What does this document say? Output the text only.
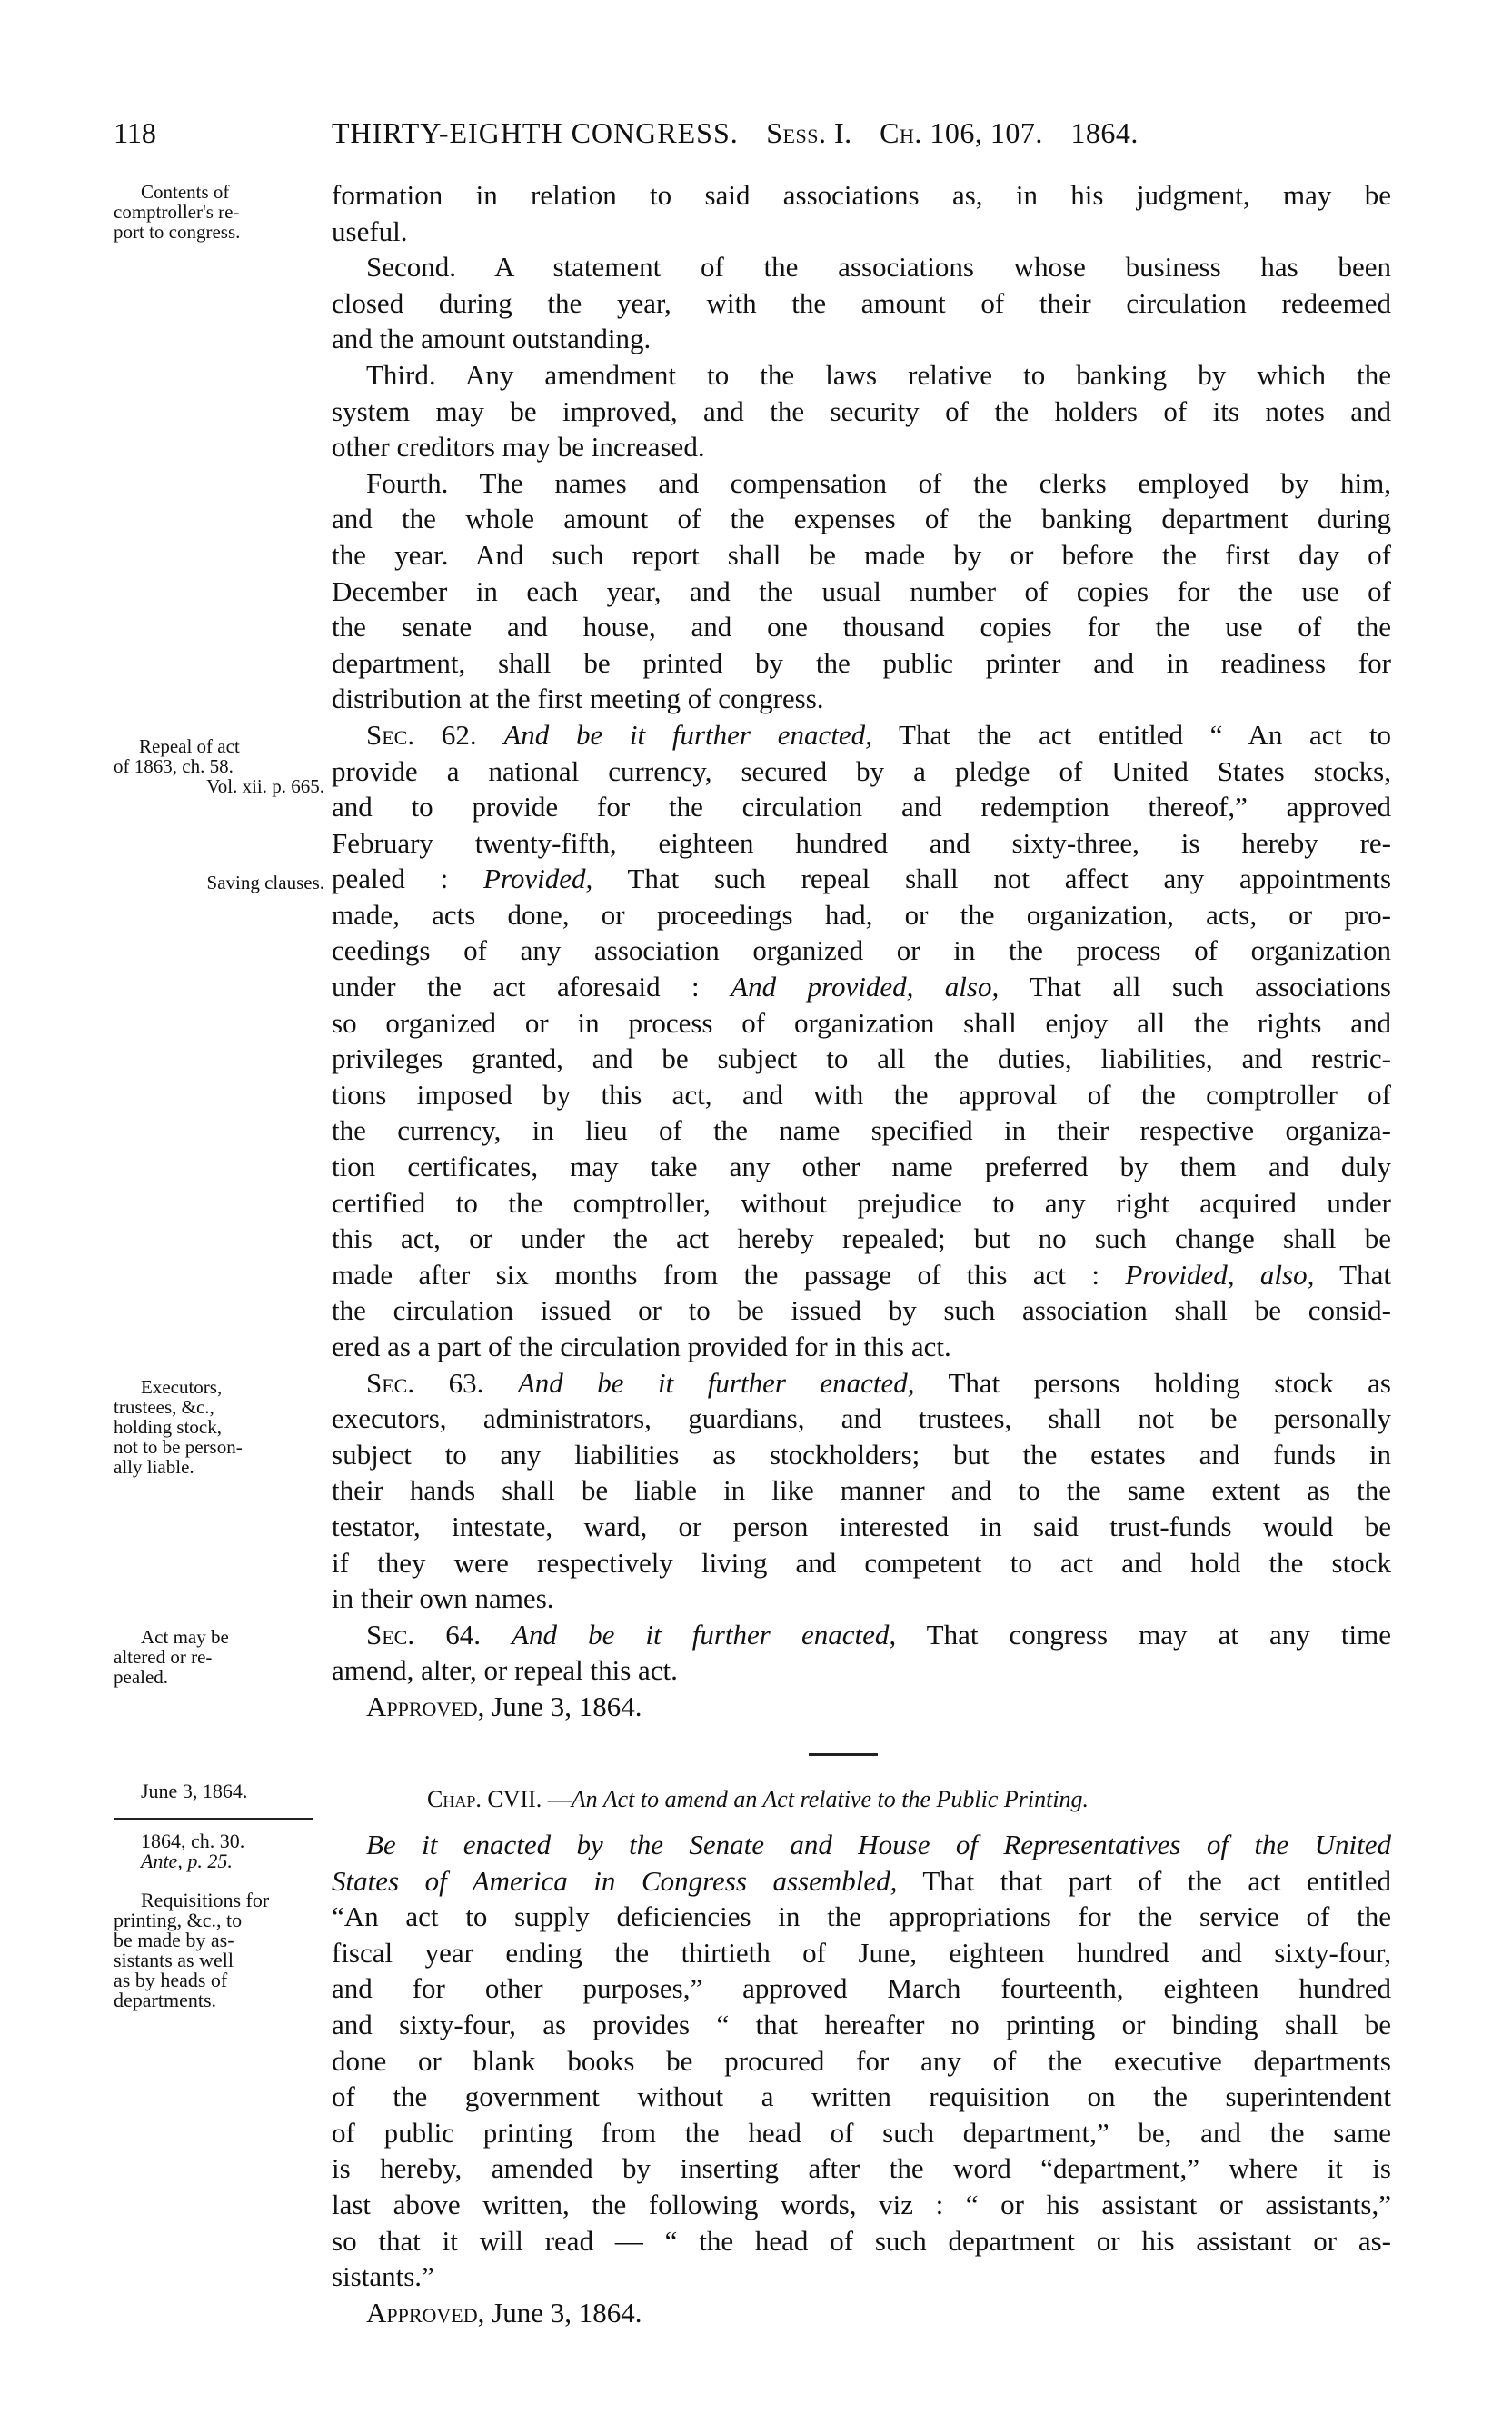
118	THIRTY-EIGHTH CONGRESS. Sess. I. Ch. 106, 107. 1864.
Contents of
comptroller's re-
port to congress.
Repeal of act
of 1863, ch. 58.
Vol. xii. p. 665.
Saving clauses.
Executors,
trustees, &c.,
holding stock,
not to be person-
ally liable.
Act may be
altered or re-
pealed.
June 3, 1864.
1864, ch. 30.
Ante, p. 25.
Requisitions for
printing, &c., to
be made by as-
sistants as well
as by heads of
departments.
formation in relation to said associations as, in his judgment, may be
useful.
Second. A statement of the associations whose business has been
closed during the year, with the amount of their circulation redeemed
and the amount outstanding.
Third. Any amendment to the laws relative to banking by which the
system may be improved, and the security of the holders of its notes and
other creditors may be increased.
Fourth. The names and compensation of the clerks employed by him,
and the whole amount of the expenses of the banking department during
the year. And such report shall be made by or before the first day of
December in each year, and the usual number of copies for the use of
the senate and house, and one thousand copies for the use of the
department, shall be printed by the public printer and in readiness for
distribution at the first meeting of congress.
Sec. 62. And be it further enacted, That the act entitled “ An act to
provide a national currency, secured by a pledge of United States stocks,
and to provide for the circulation and redemption thereof,” approved
February twenty-fifth, eighteen hundred and sixty-three, is hereby re-
pealed : Provided, That such repeal shall not affect any appointments
made, acts done, or proceedings had, or the organization, acts, or pro-
ceedings of any association organized or in the process of organization
under the act aforesaid : And provided, also, That all such associations
so organized or in process of organization shall enjoy all the rights and
privileges granted, and be subject to all the duties, liabilities, and restric-
tions imposed by this act, and with the approval of the comptroller of
the currency, in lieu of the name specified in their respective organiza-
tion certificates, may take any other name preferred by them and duly
certified to the comptroller, without prejudice to any right acquired under
this act, or under the act hereby repealed; but no such change shall be
made after six months from the passage of this act : Provided, also, That
the circulation issued or to be issued by such association shall be consid-
ered as a part of the circulation provided for in this act.
Sec. 63. And be it further enacted, That persons holding stock as
executors, administrators, guardians, and trustees, shall not be personally
subject to any liabilities as stockholders; but the estates and funds in
their hands shall be liable in like manner and to the same extent as the
testator, intestate, ward, or person interested in said trust-funds would be
if they were respectively living and competent to act and hold the stock
in their own names.
Sec. 64. And be it further enacted, That congress may at any time
amend, alter, or repeal this act.
Approved, June 3, 1864.
Chap. CVII. —An Act to amend an Act relative to the Public Printing.
Be it enacted by the Senate and House of Representatives of the United
States of America in Congress assembled, That that part of the act entitled
“An act to supply deficiencies in the appropriations for the service of the
fiscal year ending the thirtieth of June, eighteen hundred and sixty-four,
and for other purposes,” approved March fourteenth, eighteen hundred
and sixty-four, as provides “ that hereafter no printing or binding shall be
done or blank books be procured for any of the executive departments
of the government without a written requisition on the superintendent
of public printing from the head of such department,” be, and the same
is hereby, amended by inserting after the word “department,” where it is
last above written, the following words, viz : “ or his assistant or assistants,”
so that it will read — “ the head of such department or his assistant or as-
sistants.”
Approved, June 3, 1864.
